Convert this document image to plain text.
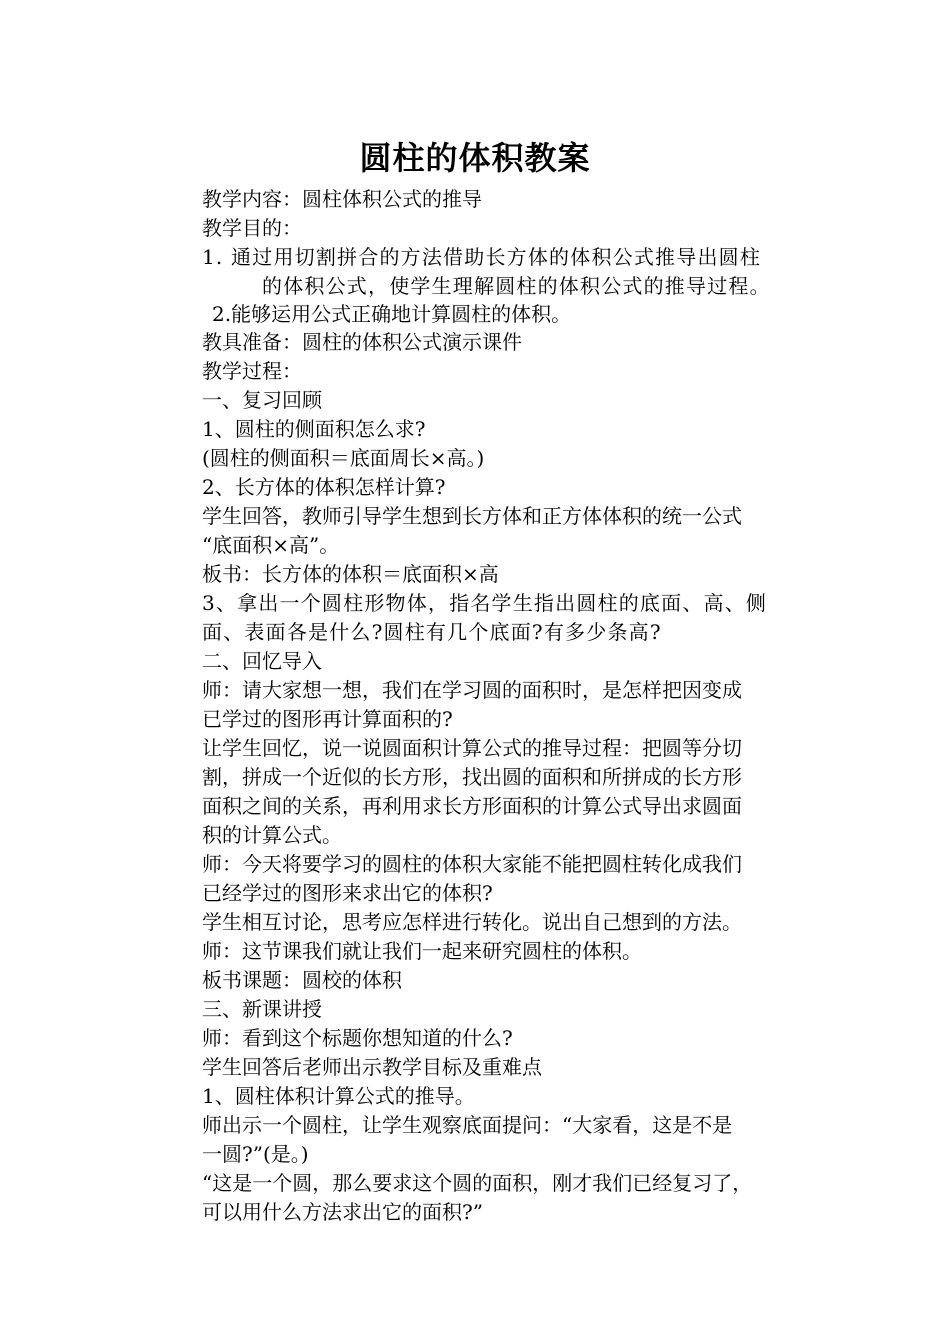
圆柱的体积教案
教学内容：圆柱体积公式的推导
教学目的：
1. 通过用切割拼合的方法借助长方体的体积公式推导出圆柱
的体积公式，使学生理解圆柱的体积公式的推导过程。
2.能够运用公式正确地计算圆柱的体积。
教具准备：圆柱的体积公式演示课件
教学过程：
一、复习回顾
1、圆柱的侧面积怎么求?
(圆柱的侧面积＝底面周长×高。)
2、长方体的体积怎样计算?
学生回答，教师引导学生想到长方体和正方体体积的统一公式
“底面积×高”。
板书：长方体的体积＝底面积×高
3、拿出一个圆柱形物体，指名学生指出圆柱的底面、高、侧
面、表面各是什么?圆柱有几个底面?有多少条高?
二、回忆导入
师：请大家想一想，我们在学习圆的面积时，是怎样把因变成
已学过的图形再计算面积的?
让学生回忆，说一说圆面积计算公式的推导过程：把圆等分切
割，拼成一个近似的长方形，找出圆的面积和所拼成的长方形
面积之间的关系，再利用求长方形面积的计算公式导出求圆面
积的计算公式。
师：今天将要学习的圆柱的体积大家能不能把圆柱转化成我们
已经学过的图形来求出它的体积?
学生相互讨论，思考应怎样进行转化。说出自己想到的方法。
师：这节课我们就让我们一起来研究圆柱的体积。
板书课题：圆校的体积
三、新课讲授
师：看到这个标题你想知道的什么?
学生回答后老师出示教学目标及重难点
1、圆柱体积计算公式的推导。
师出示一个圆柱，让学生观察底面提问：“大家看，这是不是
一圆?”(是。)
“这是一个圆，那么要求这个圆的面积，刚才我们已经复习了，
可以用什么方法求出它的面积?”
